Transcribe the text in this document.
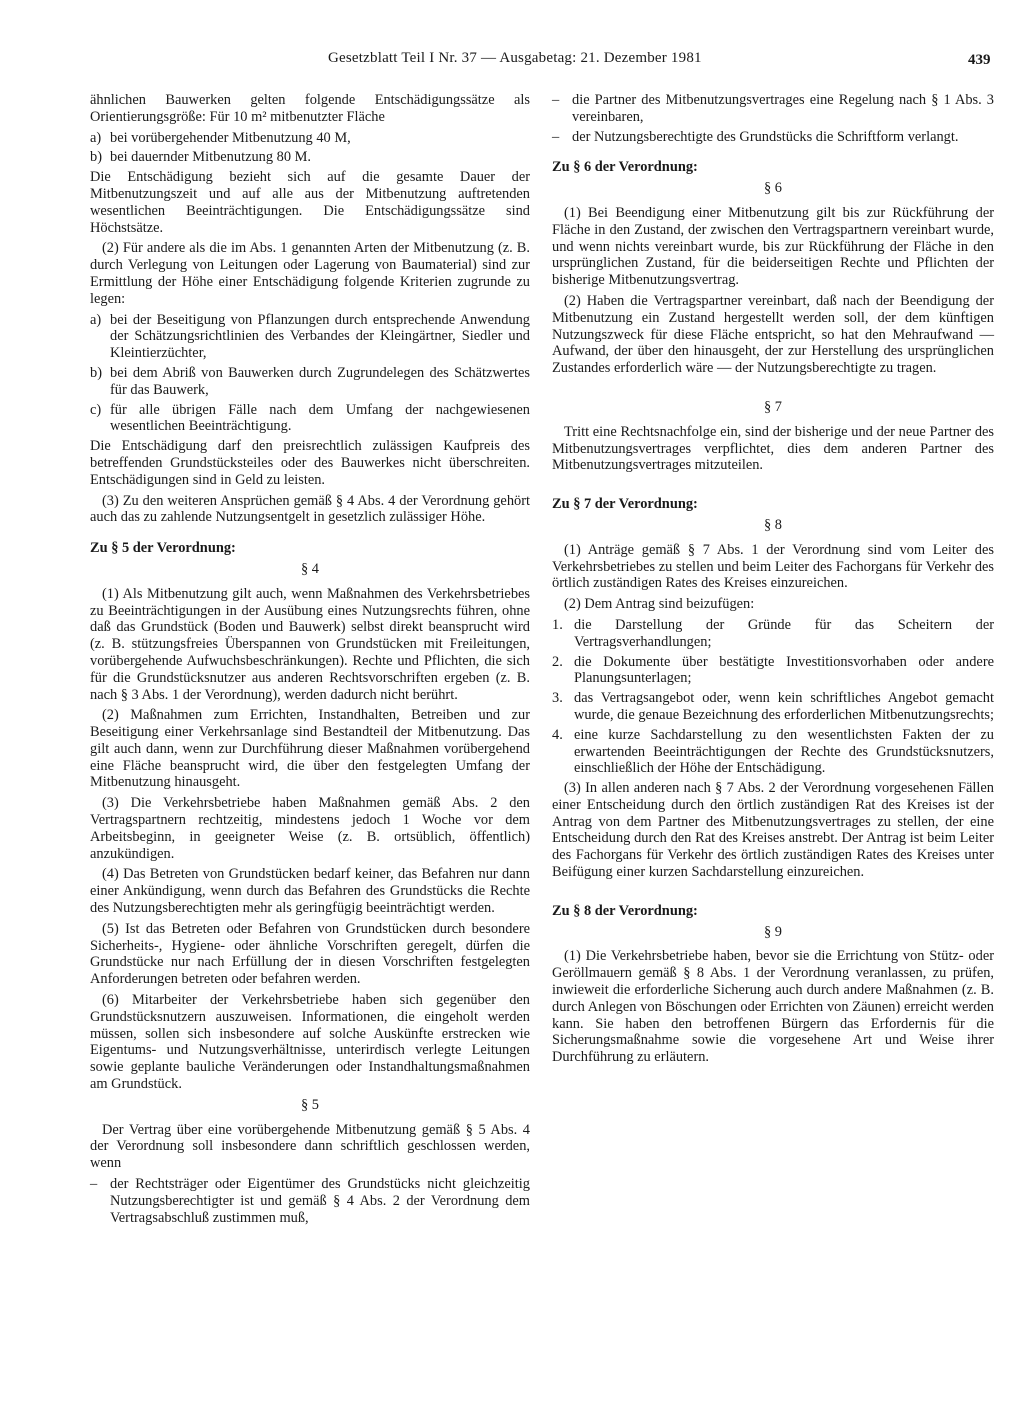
Gesetzblatt Teil I Nr. 37 — Ausgabetag: 21. Dezember 1981	439

ähnlichen Bauwerken gelten folgende Entschädigungssätze als Orientierungsgröße: Für 10 m² mitbenutzter Fläche

a) bei vorübergehender Mitbenutzung 40 M,
b) bei dauernder Mitbenutzung 80 M.

Die Entschädigung bezieht sich auf die gesamte Dauer der Mitbenutzungszeit und auf alle aus der Mitbenutzung auftretenden wesentlichen Beeinträchtigungen. Die Entschädigungssätze sind Höchstsätze.

(2) Für andere als die im Abs. 1 genannten Arten der Mitbenutzung (z. B. durch Verlegung von Leitungen oder Lagerung von Baumaterial) sind zur Ermittlung der Höhe einer Entschädigung folgende Kriterien zugrunde zu legen:

a) bei der Beseitigung von Pflanzungen durch entsprechende Anwendung der Schätzungsrichtlinien des Verbandes der Kleingärtner, Siedler und Kleintierzüchter,
b) bei dem Abriß von Bauwerken durch Zugrundelegen des Schätzwertes für das Bauwerk,
c) für alle übrigen Fälle nach dem Umfang der nachgewiesenen wesentlichen Beeinträchtigung.

Die Entschädigung darf den preisrechtlich zulässigen Kaufpreis des betreffenden Grundstücksteiles oder des Bauwerkes nicht überschreiten. Entschädigungen sind in Geld zu leisten.

(3) Zu den weiteren Ansprüchen gemäß § 4 Abs. 4 der Verordnung gehört auch das zu zahlende Nutzungsentgelt in gesetzlich zulässiger Höhe.

Zu § 5 der Verordnung:
§ 4

(1) Als Mitbenutzung gilt auch, wenn Maßnahmen des Verkehrsbetriebes zu Beeinträchtigungen in der Ausübung eines Nutzungsrechts führen, ohne daß das Grundstück (Boden und Bauwerk) selbst direkt beansprucht wird (z. B. stützungsfreies Überspannen von Grundstücken mit Freileitungen, vorübergehende Aufwuchsbeschränkungen). Rechte und Pflichten, die sich für die Grundstücksnutzer aus anderen Rechtsvorschriften ergeben (z. B. nach § 3 Abs. 1 der Verordnung), werden dadurch nicht berührt.

(2) Maßnahmen zum Errichten, Instandhalten, Betreiben und zur Beseitigung einer Verkehrsanlage sind Bestandteil der Mitbenutzung. Das gilt auch dann, wenn zur Durchführung dieser Maßnahmen vorübergehend eine Fläche beansprucht wird, die über den festgelegten Umfang der Mitbenutzung hinausgeht.

(3) Die Verkehrsbetriebe haben Maßnahmen gemäß Abs. 2 den Vertragspartnern rechtzeitig, mindestens jedoch 1 Woche vor dem Arbeitsbeginn, in geeigneter Weise (z. B. ortsüblich, öffentlich) anzukündigen.

(4) Das Betreten von Grundstücken bedarf keiner, das Befahren nur dann einer Ankündigung, wenn durch das Befahren des Grundstücks die Rechte des Nutzungsberechtigten mehr als geringfügig beeinträchtigt werden.

(5) Ist das Betreten oder Befahren von Grundstücken durch besondere Sicherheits-, Hygiene- oder ähnliche Vorschriften geregelt, dürfen die Grundstücke nur nach Erfüllung der in diesen Vorschriften festgelegten Anforderungen betreten oder befahren werden.

(6) Mitarbeiter der Verkehrsbetriebe haben sich gegenüber den Grundstücksnutzern auszuweisen. Informationen, die eingeholt werden müssen, sollen sich insbesondere auf solche Auskünfte erstrecken wie Eigentums- und Nutzungsverhältnisse, unterirdisch verlegte Leitungen sowie geplante bauliche Veränderungen oder Instandhaltungsmaßnahmen am Grundstück.

§ 5

Der Vertrag über eine vorübergehende Mitbenutzung gemäß § 5 Abs. 4 der Verordnung soll insbesondere dann schriftlich geschlossen werden, wenn

– der Rechtsträger oder Eigentümer des Grundstücks nicht gleichzeitig Nutzungsberechtigter ist und gemäß § 4 Abs. 2 der Verordnung dem Vertragsabschluß zustimmen muß,
– die Partner des Mitbenutzungsvertrages eine Regelung nach § 1 Abs. 3 vereinbaren,
– der Nutzungsberechtigte des Grundstücks die Schriftform verlangt.
Zu § 6 der Verordnung:
§ 6

(1) Bei Beendigung einer Mitbenutzung gilt bis zur Rückführung der Fläche in den Zustand, der zwischen den Vertragspartnern vereinbart wurde, und wenn nichts vereinbart wurde, bis zur Rückführung der Fläche in den ursprünglichen Zustand, für die beiderseitigen Rechte und Pflichten der bisherige Mitbenutzungsvertrag.

(2) Haben die Vertragspartner vereinbart, daß nach der Beendigung der Mitbenutzung ein Zustand hergestellt werden soll, der dem künftigen Nutzungszweck für diese Fläche entspricht, so hat den Mehraufwand — Aufwand, der über den hinausgeht, der zur Herstellung des ursprünglichen Zustandes erforderlich wäre — der Nutzungsberechtigte zu tragen.

§ 7

Tritt eine Rechtsnachfolge ein, sind der bisherige und der neue Partner des Mitbenutzungsvertrages verpflichtet, dies dem anderen Partner des Mitbenutzungsvertrages mitzuteilen.

Zu § 7 der Verordnung:
§ 8

(1) Anträge gemäß § 7 Abs. 1 der Verordnung sind vom Leiter des Verkehrsbetriebes zu stellen und beim Leiter des Fachorgans für Verkehr des örtlich zuständigen Rates des Kreises einzureichen.

(2) Dem Antrag sind beizufügen:

1. die Darstellung der Gründe für das Scheitern der Vertragsverhandlungen;
2. die Dokumente über bestätigte Investitionsvorhaben oder andere Planungsunterlagen;
3. das Vertragsangebot oder, wenn kein schriftliches Angebot gemacht wurde, die genaue Bezeichnung des erforderlichen Mitbenutzungsrechts;
4. eine kurze Sachdarstellung zu den wesentlichsten Fakten der zu erwartenden Beeinträchtigungen der Rechte des Grundstücksnutzers, einschließlich der Höhe der Entschädigung.

(3) In allen anderen nach § 7 Abs. 2 der Verordnung vorgesehenen Fällen einer Entscheidung durch den örtlich zuständigen Rat des Kreises ist der Antrag von dem Partner des Mitbenutzungsvertrages zu stellen, der eine Entscheidung durch den Rat des Kreises anstrebt. Der Antrag ist beim Leiter des Fachorgans für Verkehr des örtlich zuständigen Rates des Kreises unter Beifügung einer kurzen Sachdarstellung einzureichen.

Zu § 8 der Verordnung:
§ 9

(1) Die Verkehrsbetriebe haben, bevor sie die Errichtung von Stütz- oder Geröllmauern gemäß § 8 Abs. 1 der Verordnung veranlassen, zu prüfen, inwieweit die erforderliche Sicherung auch durch andere Maßnahmen (z. B. durch Anlegen von Böschungen oder Errichten von Zäunen) erreicht werden kann. Sie haben den betroffenen Bürgern das Erfordernis für die Sicherungsmaßnahme sowie die vorgesehene Art und Weise ihrer Durchführung zu erläutern.
